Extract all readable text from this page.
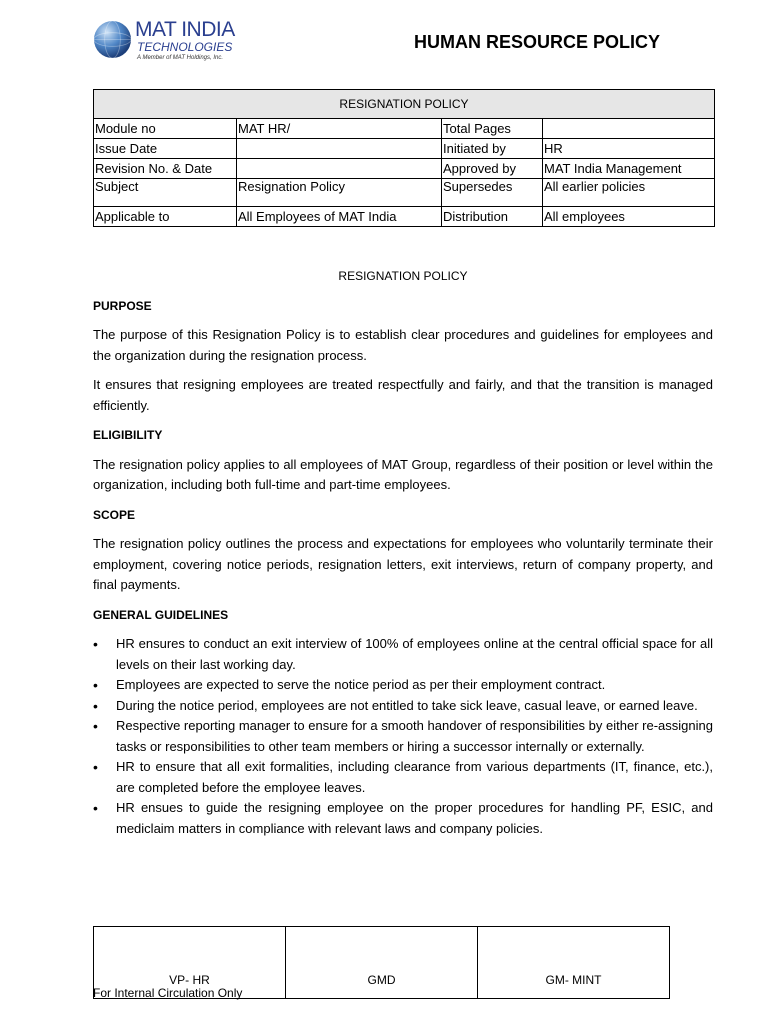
MAT INDIA
TECHNOLOGIES
A Member of MAT Holdings, Inc.
HUMAN RESOURCE POLICY
RESIGNATION POLICY			
Module no	MAT HR/	Total Pages	
Issue Date		Initiated by	HR
Revision No. & Date		Approved by	MAT India Management
Subject	Resignation Policy	Supersedes	All earlier policies
Applicable to	All Employees of MAT India	Distribution	All employees
RESIGNATION POLICY
PURPOSE
The purpose of this Resignation Policy is to establish clear procedures and guidelines for employees and the organization during the resignation process.
It ensures that resigning employees are treated respectfully and fairly, and that the transition is managed efficiently.
ELIGIBILITY
The resignation policy applies to all employees of MAT Group, regardless of their position or level within the organization, including both full-time and part-time employees.
SCOPE
The resignation policy outlines the process and expectations for employees who voluntarily terminate their employment, covering notice periods, resignation letters, exit interviews, return of company property, and final payments.
GENERAL GUIDELINES
• HR ensures to conduct an exit interview of 100% of employees online at the central official space for all levels on their last working day.
• Employees are expected to serve the notice period as per their employment contract.
• During the notice period, employees are not entitled to take sick leave, casual leave, or earned leave.
• Respective reporting manager to ensure for a smooth handover of responsibilities by either re-assigning tasks or responsibilities to other team members or hiring a successor internally or externally.
• HR to ensure that all exit formalities, including clearance from various departments (IT, finance, etc.), are completed before the employee leaves.
• HR ensues to guide the resigning employee on the proper procedures for handling PF, ESIC, and mediclaim matters in compliance with relevant laws and company policies.
VP- HR	GMD	GM- MINT
For Internal Circulation Only
